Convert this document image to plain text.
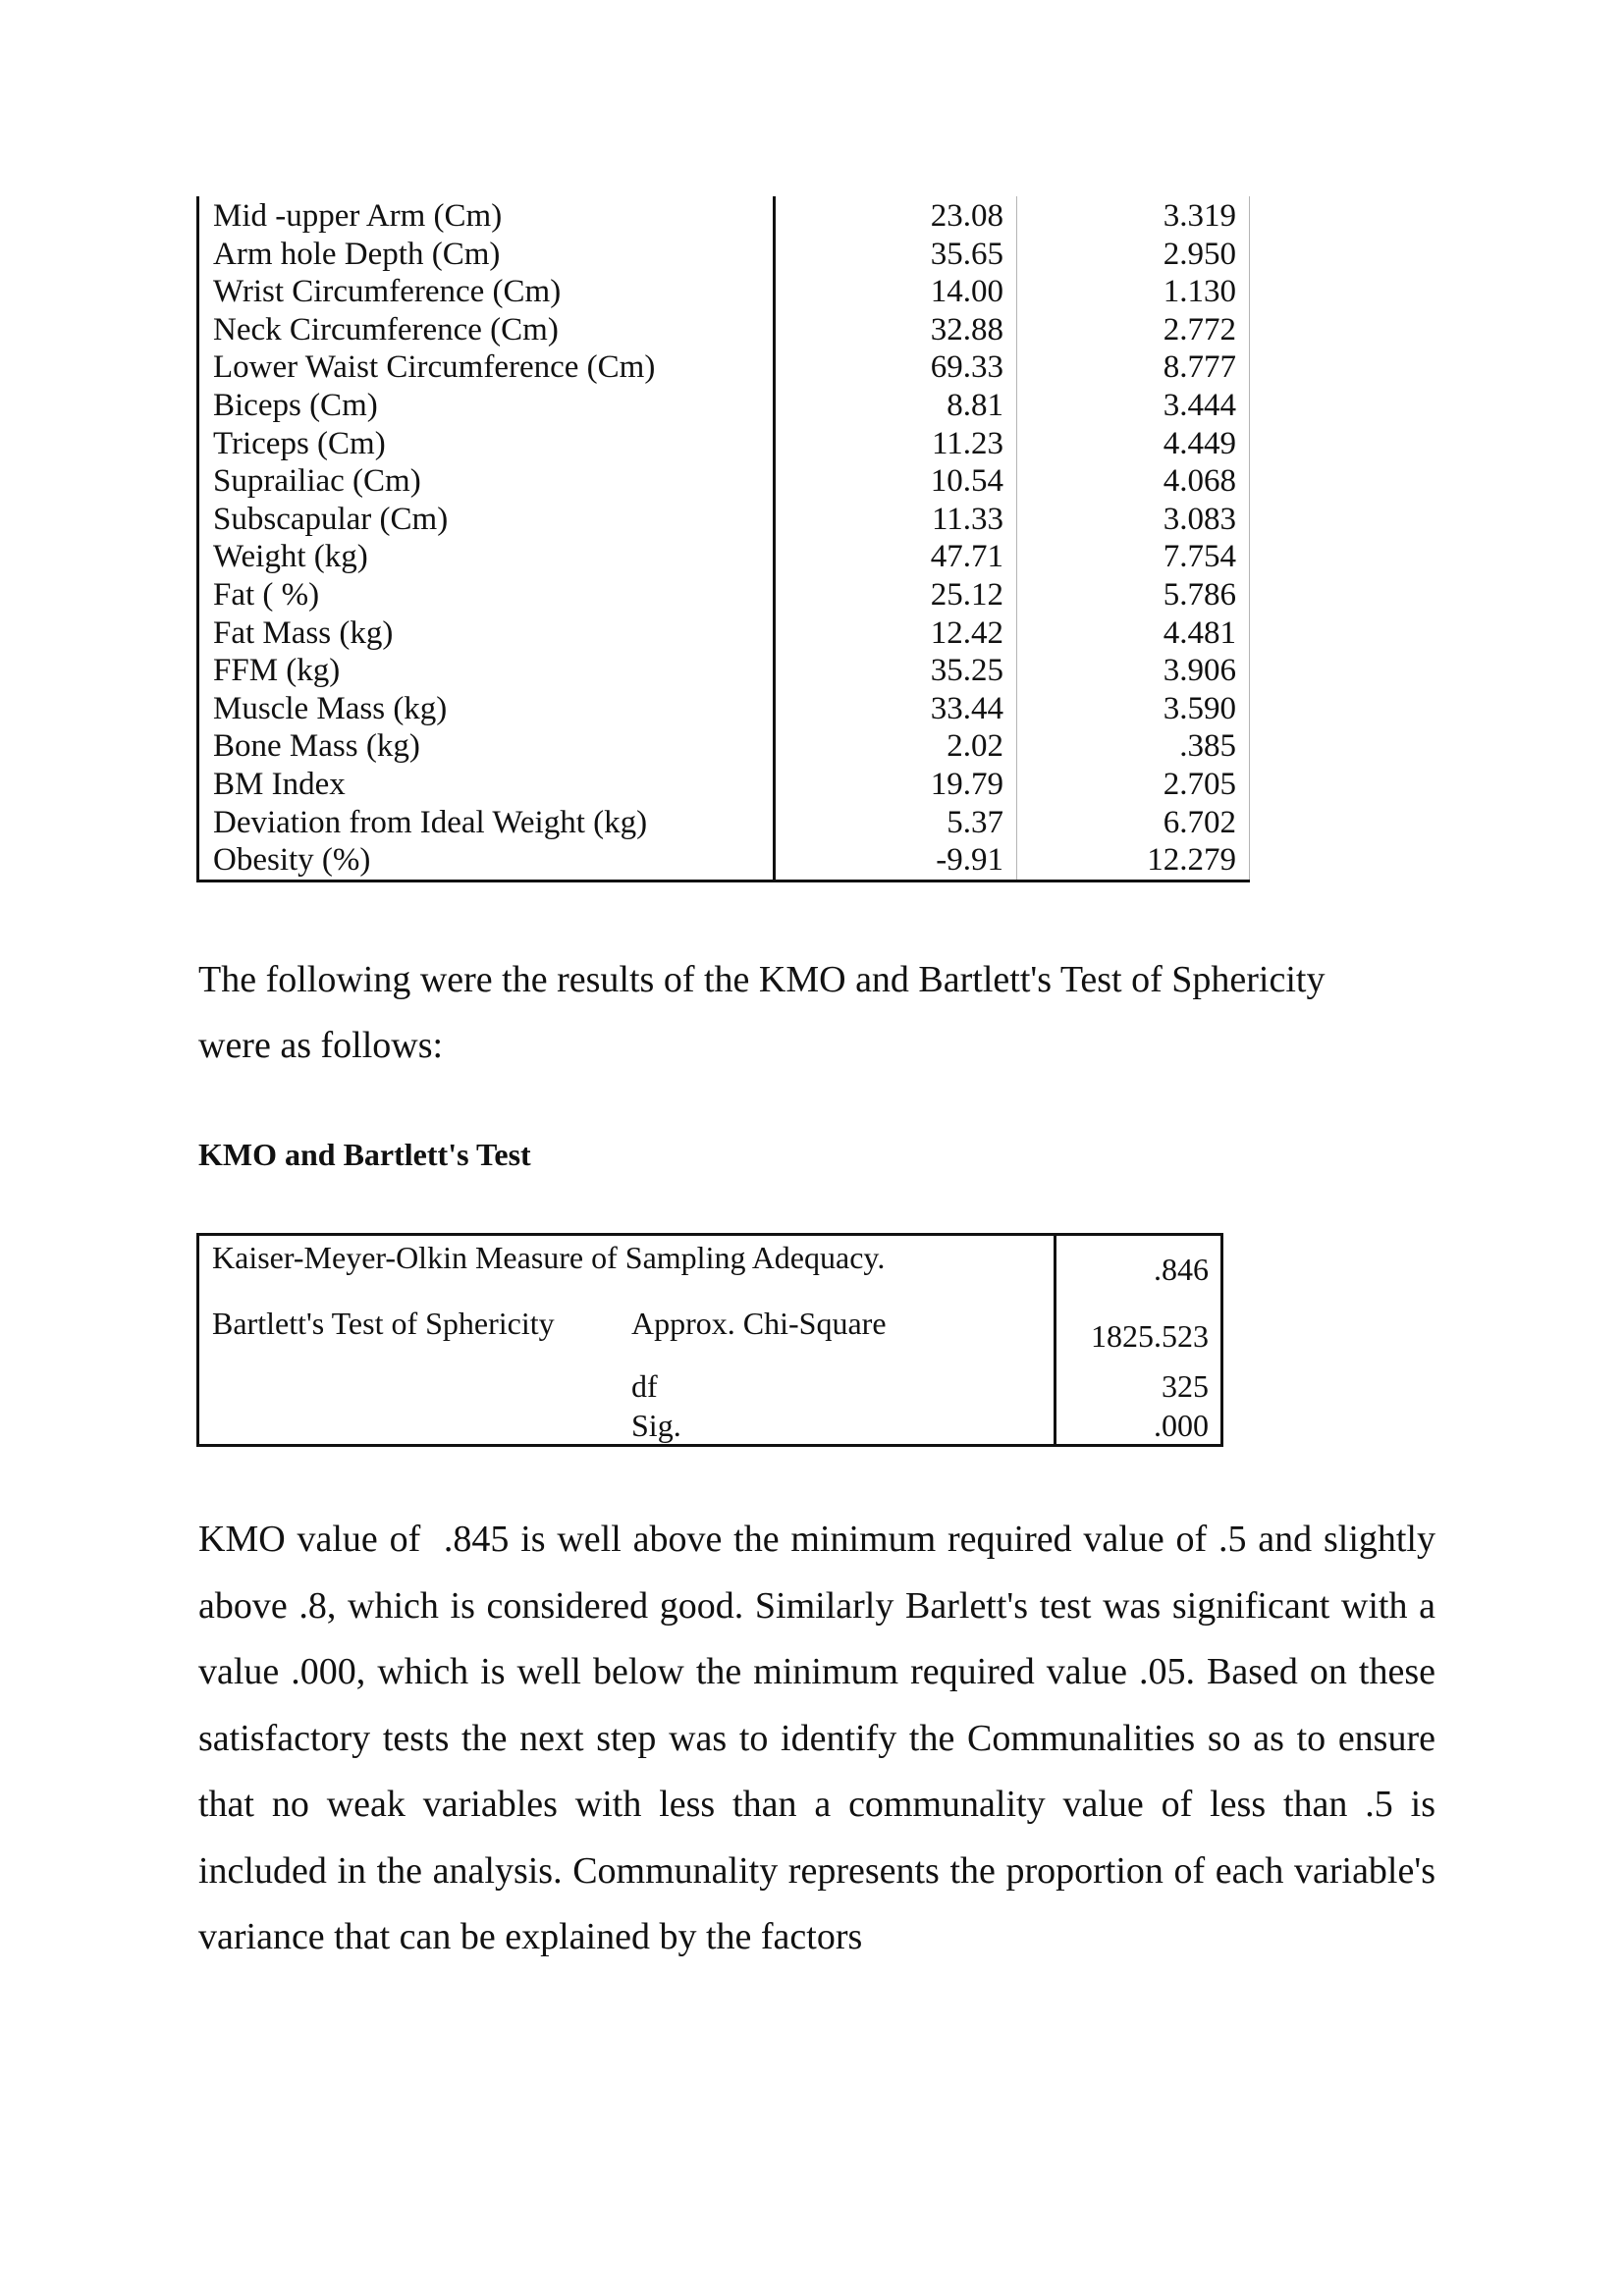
Mid -upper Arm (Cm)	23.08	3.319
Arm hole Depth (Cm)	35.65	2.950
Wrist Circumference (Cm)	14.00	1.130
Neck Circumference (Cm)	32.88	2.772
Lower Waist Circumference (Cm)	69.33	8.777
Biceps (Cm)	8.81	3.444
Triceps (Cm)	11.23	4.449
Suprailiac (Cm)	10.54	4.068
Subscapular (Cm)	11.33	3.083
Weight (kg)	47.71	7.754
Fat ( %)	25.12	5.786
Fat Mass (kg)	12.42	4.481
FFM (kg)	35.25	3.906
Muscle Mass (kg)	33.44	3.590
Bone Mass (kg)	2.02	.385
BM Index	19.79	2.705
Deviation from Ideal Weight (kg)	5.37	6.702
Obesity (%)	-9.91	12.279

The following were the results of the KMO and Bartlett's Test of Sphericity

were as follows:

KMO and Bartlett's Test

Kaiser-Meyer-Olkin Measure of Sampling Adequacy.		.846
Bartlett's Test of Sphericity	Approx. Chi-Square	1825.523
	df	325
	Sig.	.000

KMO value of  .845 is well above the minimum required value of .5 and slightly above .8, which is considered good. Similarly Barlett's test was significant with a value .000, which is well below the minimum required value .05. Based on these satisfactory tests the next step was to identify the Communalities so as to ensure that no weak variables with less than a communality value of less than .5 is included in the analysis. Communality represents the proportion of each variable's variance that can be explained by the factors
